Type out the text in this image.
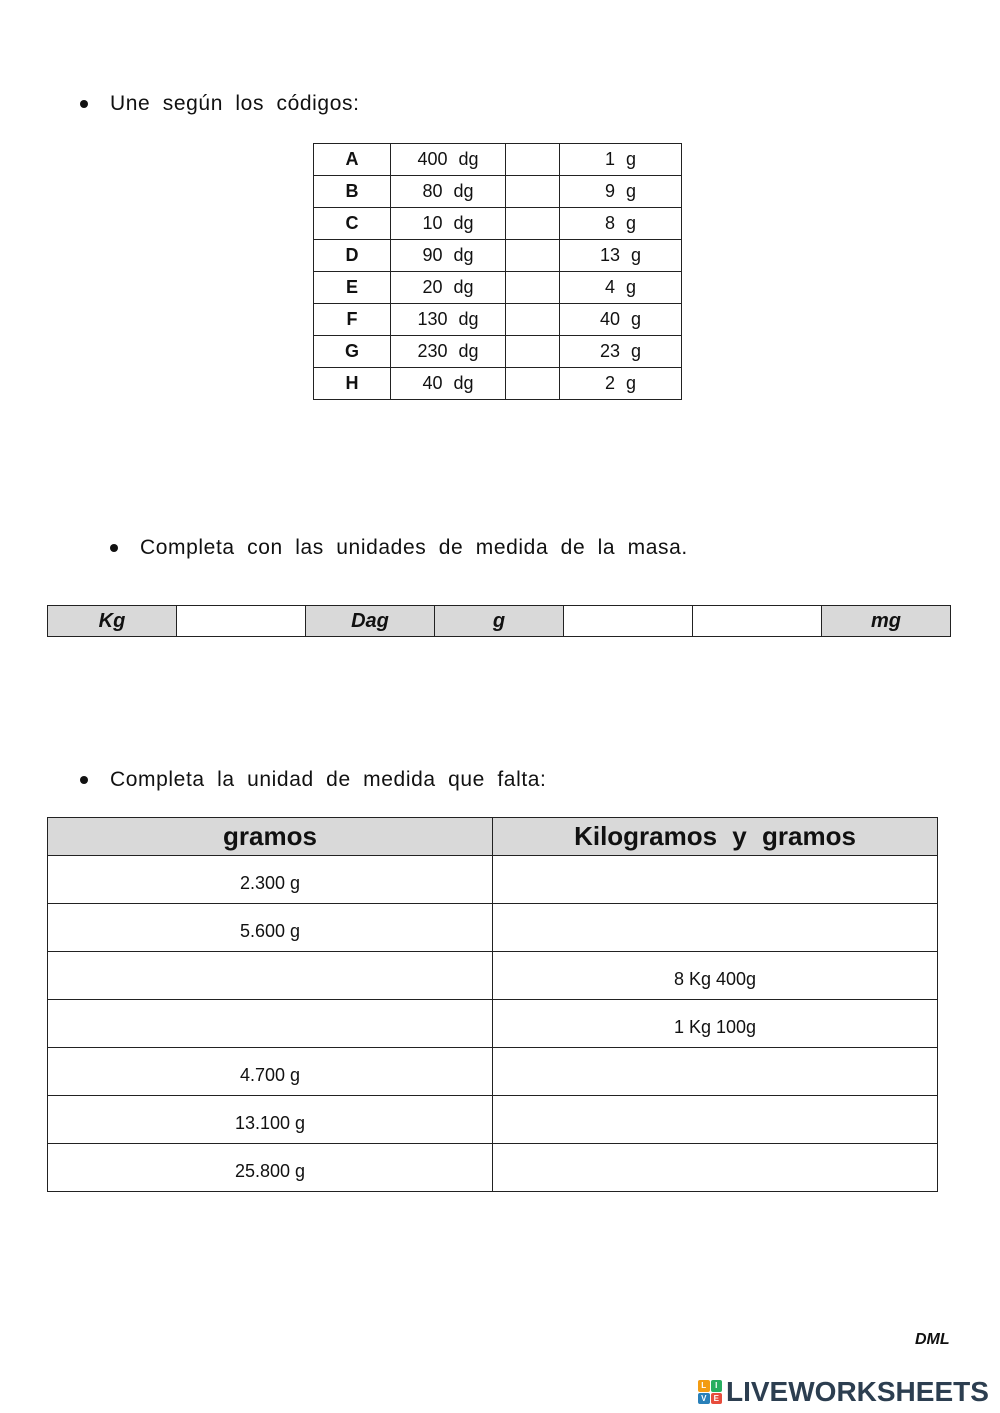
Une según los códigos:
A	400 dg		1 g
B	80 dg		9 g
C	10 dg		8 g
D	90 dg		13 g
E	20 dg		4 g
F	130 dg		40 g
G	230 dg		23 g
H	40 dg		2 g
Completa con las unidades de medida de la masa.
Kg		Dag	g			mg
Completa la unidad de medida que falta:
gramos	Kilogramos y gramos
2.300 g	
5.600 g	
	8 Kg 400g
	1 Kg 100g
4.700 g	
13.100 g	
25.800 g	
DML
L	I
V E LIVEWORKSHEETS
